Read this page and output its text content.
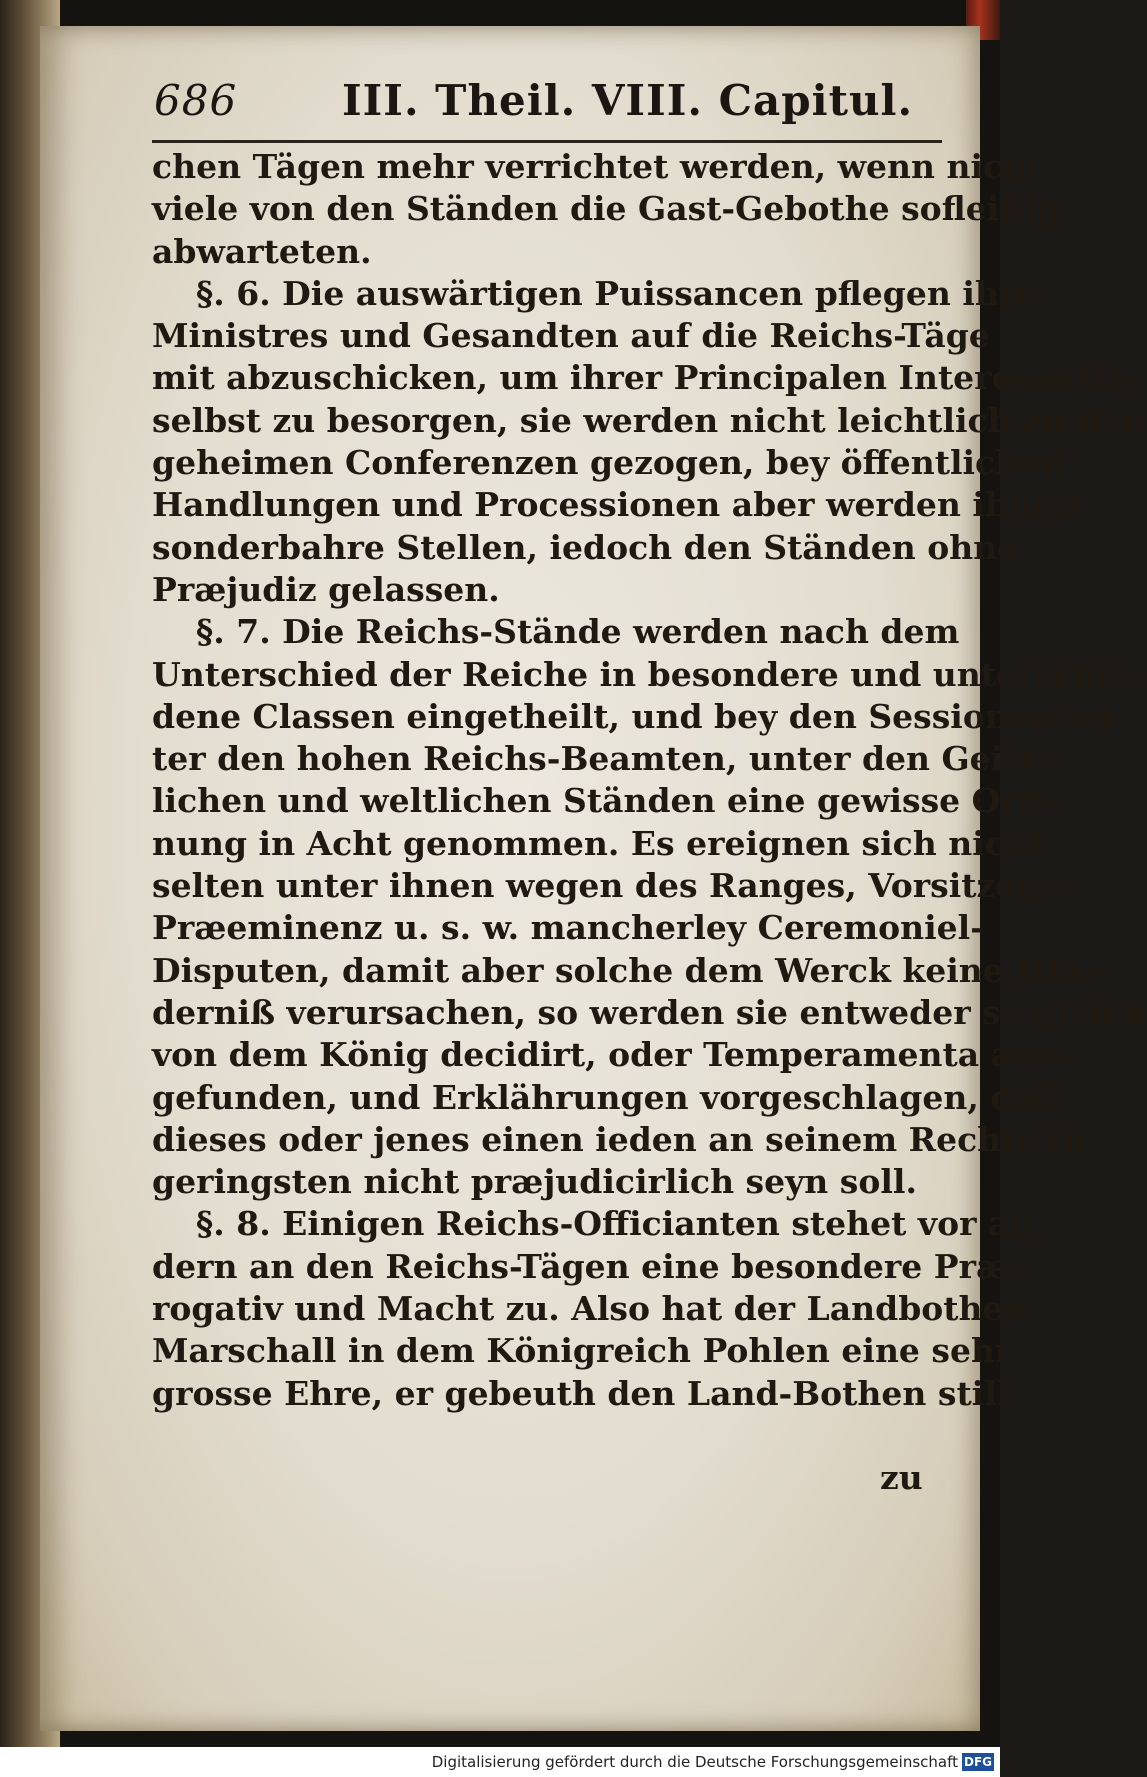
686 III. Theil. VIII. Capitul.
chen Tägen mehr verrichtet werden, wenn nicht
viele von den Ständen die Gast-Gebothe sofleißig
abwarteten.
§. 6. Die auswärtigen Puissancen pflegen ihre
Ministres und Gesandten auf die Reichs-Täge
mit abzuschicken, um ihrer Principalen Interesse da-
selbst zu besorgen, sie werden nicht leichtlich zu den
geheimen Conferenzen gezogen, bey öffentlichen
Handlungen und Processionen aber werden ihnen
sonderbahre Stellen, iedoch den Ständen ohne
Præjudiz gelassen.
§. 7. Die Reichs-Stände werden nach dem
Unterschied der Reiche in besondere und unterschie-
dene Classen eingetheilt, und bey den Sessionen un-
ter den hohen Reichs-Beamten, unter den Geist-
lichen und weltlichen Ständen eine gewisse Ord-
nung in Acht genommen. Es ereignen sich nicht
selten unter ihnen wegen des Ranges, Vorsitzens,
Præeminenz u. s. w. mancherley Ceremoniel-
Disputen, damit aber solche dem Werck keine Hin-
derniß verursachen, so werden sie entweder so gleich
von dem König decidirt, oder Temperamenta aus-
gefunden, und Erklährungen vorgeschlagen, daß
dieses oder jenes einen ieden an seinem Rechte in
geringsten nicht præjudicirlich seyn soll.
§. 8. Einigen Reichs-Officianten stehet vor an-
dern an den Reichs-Tägen eine besondere Præ-
rogativ und Macht zu. Also hat der Landbothen-
Marschall in dem Königreich Pohlen eine sehr
grosse Ehre, er gebeuth den Land-Bothen still
zu
Digitalisierung gefördert durch die Deutsche Forschungsgemeinschaft DFG
